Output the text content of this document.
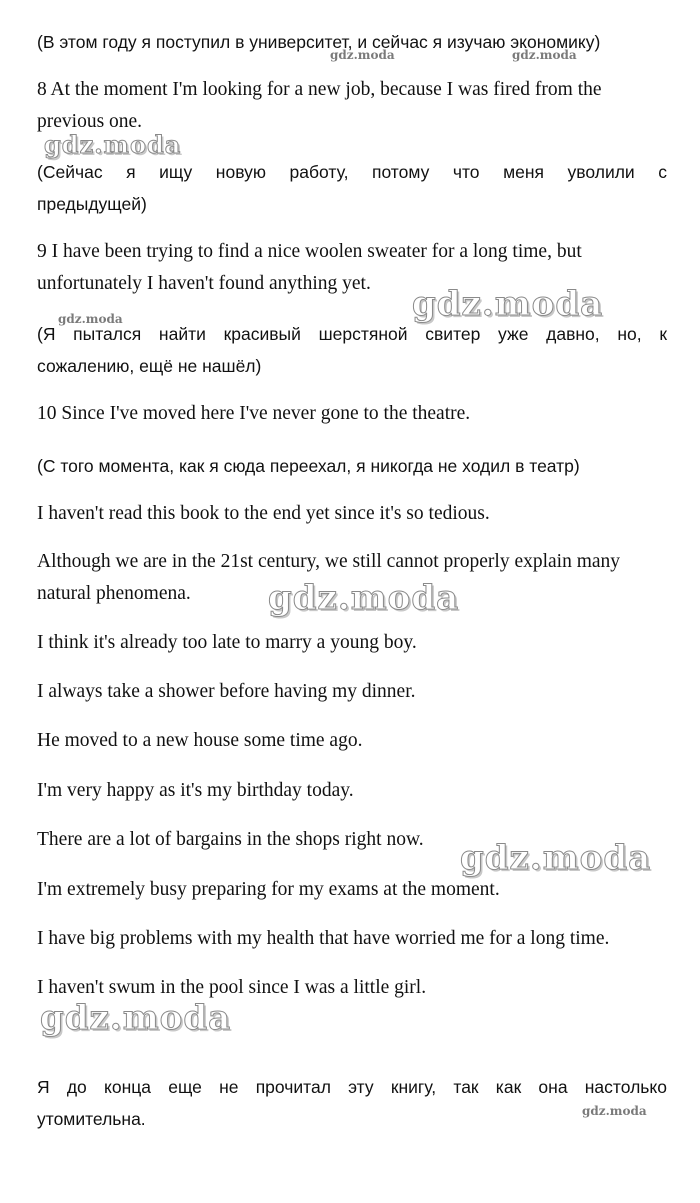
(В этом году я поступил в университет, и сейчас я изучаю экономику)
8 At the moment I'm looking for a new job, because I was fired from the
previous one.
(Сейчас я ищу новую работу, потому что меня уволили с
предыдущей)
9 I have been trying to find a nice woolen sweater for a long time, but
unfortunately I haven't found anything yet.
(Я пытался найти красивый шерстяной свитер уже давно, но, к
сожалению, ещё не нашёл)
10 Since I've moved here I've never gone to the theatre.
(С того момента, как я сюда переехал, я никогда не ходил в театр)
I haven't read this book to the end yet since it's so tedious.
Although we are in the 21st century, we still cannot properly explain many
natural phenomena.
I think it's already too late to marry a young boy.
I always take a shower before having my dinner.
He moved to a new house some time ago.
I'm very happy as it's my birthday today.
There are a lot of bargains in the shops right now.
I'm extremely busy preparing for my exams at the moment.
I have big problems with my health that have worried me for a long time.
I haven't swum in the pool since I was a little girl.
Я до конца еще не прочитал эту книгу, так как она настолько
утомительна.
gdz.moda	gdz.moda
gdz.moda
gdz.moda
gdz.moda
gdz.moda
gdz.moda
gdz.moda
gdz.moda
